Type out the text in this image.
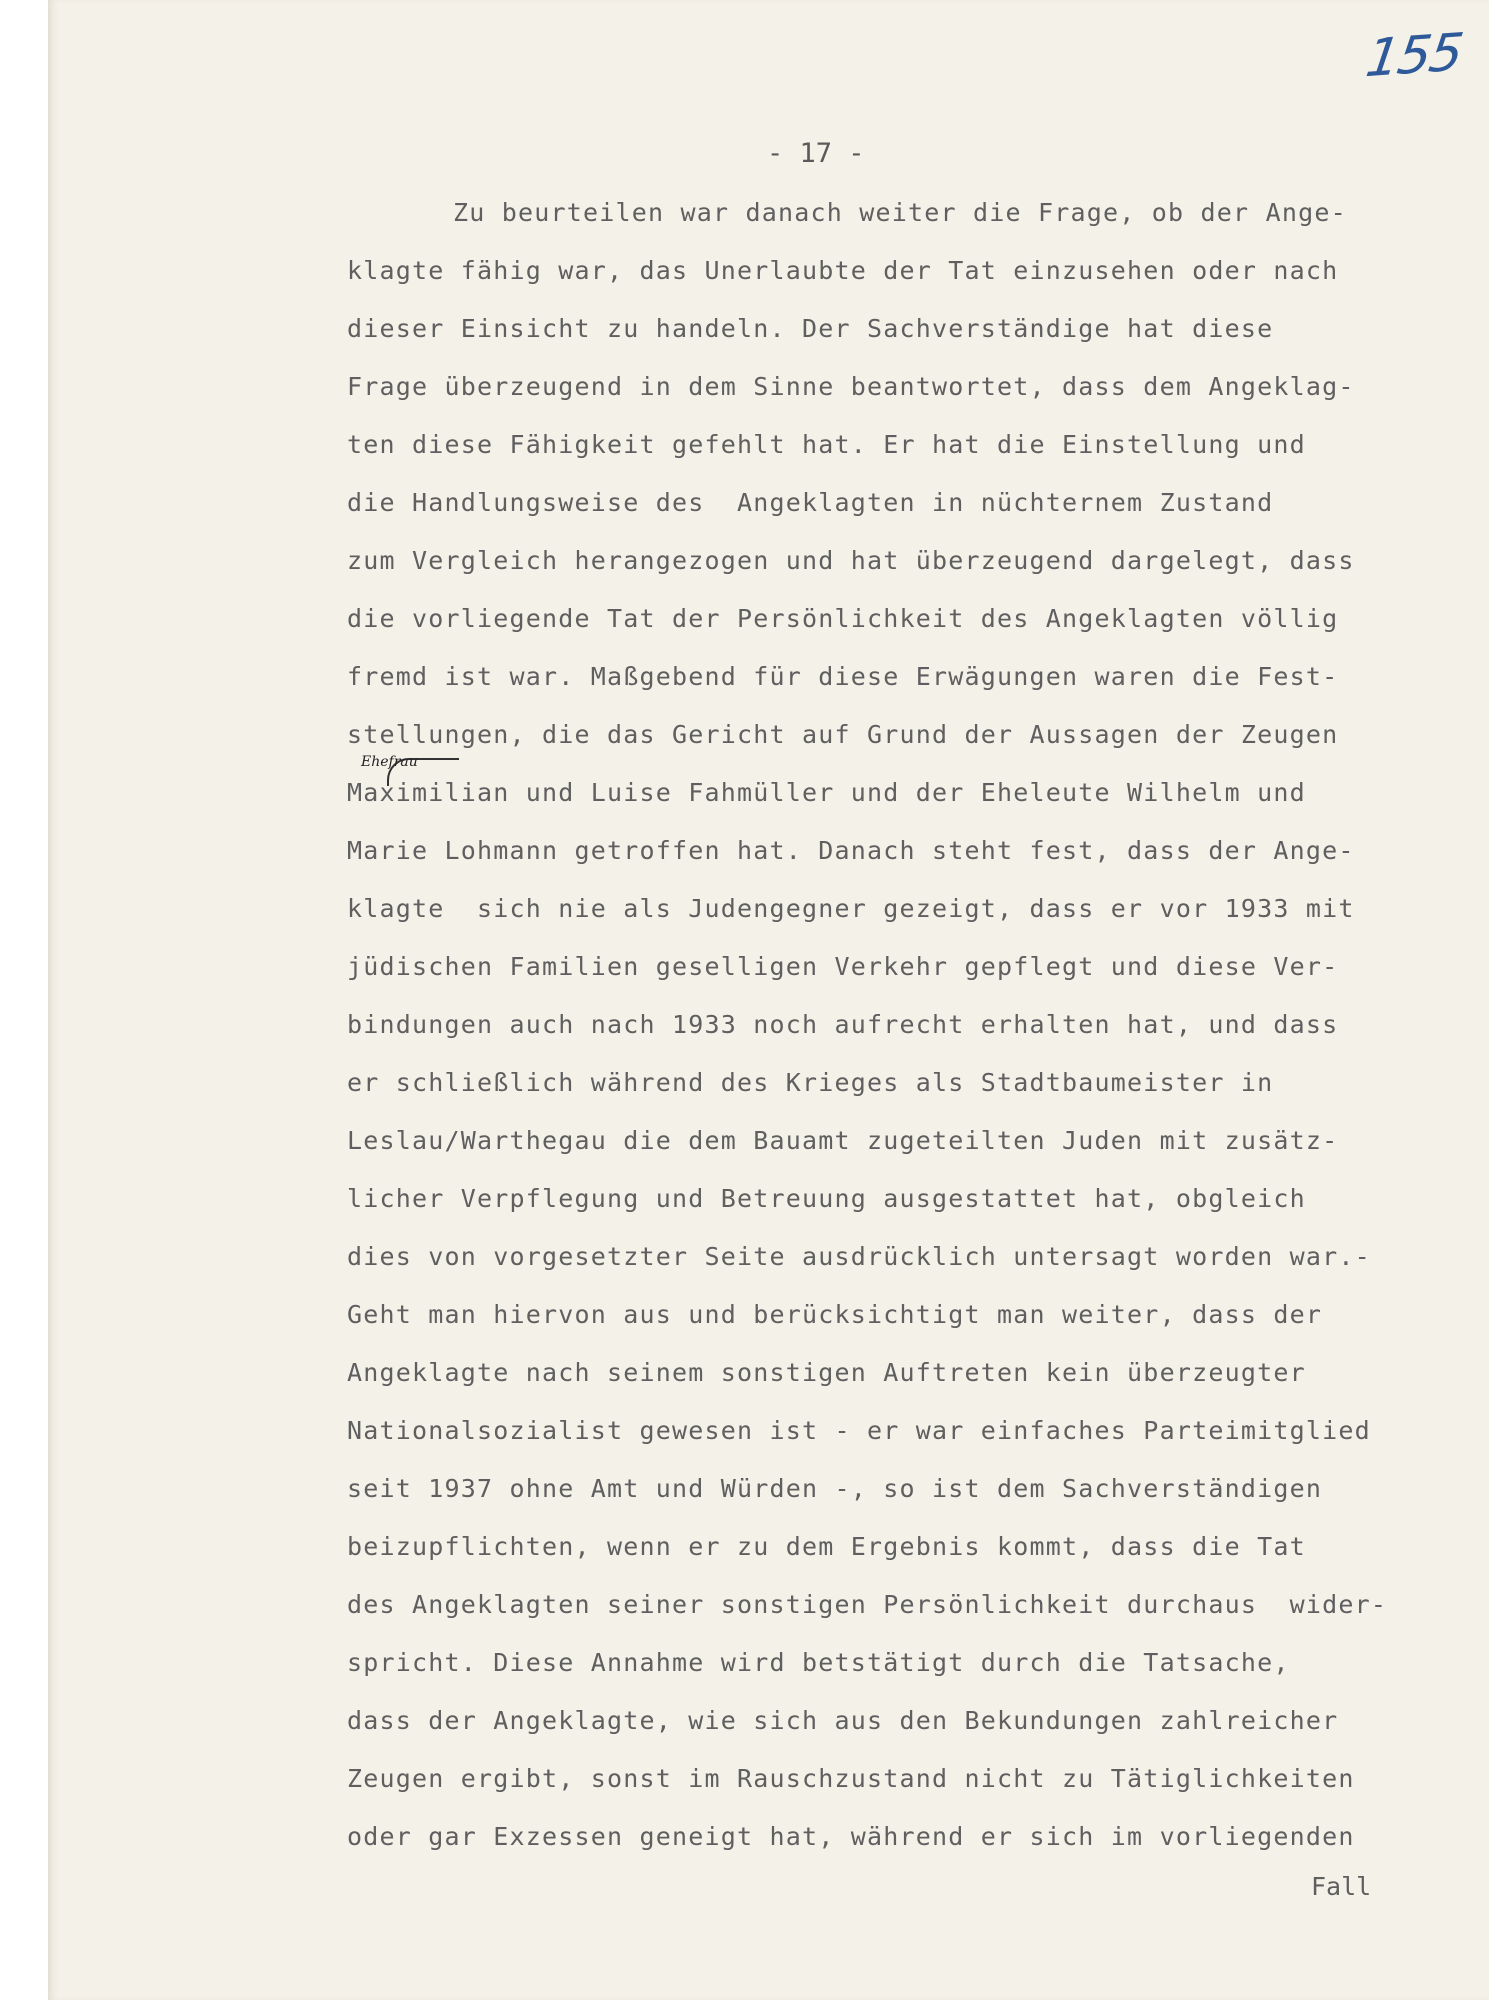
155
- 17 -
Ehefrau
Zu beurteilen war danach weiter die Frage, ob der Ange-
klagte fähig war, das Unerlaubte der Tat einzusehen oder nach
dieser Einsicht zu handeln. Der Sachverständige hat diese
Frage überzeugend in dem Sinne beantwortet, dass dem Angeklag-
ten diese Fähigkeit gefehlt hat. Er hat die Einstellung und
die Handlungsweise des  Angeklagten in nüchternem Zustand
zum Vergleich herangezogen und hat überzeugend dargelegt, dass
die vorliegende Tat der Persönlichkeit des Angeklagten völlig
fremd ist war. Maßgebend für diese Erwägungen waren die Fest-
stellungen, die das Gericht auf Grund der Aussagen der Zeugen
Maximilian und Luise Fahmüller und der Eheleute Wilhelm und
Marie Lohmann getroffen hat. Danach steht fest, dass der Ange-
klagte  sich nie als Judengegner gezeigt, dass er vor 1933 mit
jüdischen Familien geselligen Verkehr gepflegt und diese Ver-
bindungen auch nach 1933 noch aufrecht erhalten hat, und dass
er schließlich während des Krieges als Stadtbaumeister in
Leslau/Warthegau die dem Bauamt zugeteilten Juden mit zusätz-
licher Verpflegung und Betreuung ausgestattet hat, obgleich
dies von vorgesetzter Seite ausdrücklich untersagt worden war.-
Geht man hiervon aus und berücksichtigt man weiter, dass der
Angeklagte nach seinem sonstigen Auftreten kein überzeugter
Nationalsozialist gewesen ist - er war einfaches Parteimitglied
seit 1937 ohne Amt und Würden -, so ist dem Sachverständigen
beizupflichten, wenn er zu dem Ergebnis kommt, dass die Tat
des Angeklagten seiner sonstigen Persönlichkeit durchaus  wider-
spricht. Diese Annahme wird betstätigt durch die Tatsache,
dass der Angeklagte, wie sich aus den Bekundungen zahlreicher
Zeugen ergibt, sonst im Rauschzustand nicht zu Tätiglichkeiten
oder gar Exzessen geneigt hat, während er sich im vorliegenden
Fall
